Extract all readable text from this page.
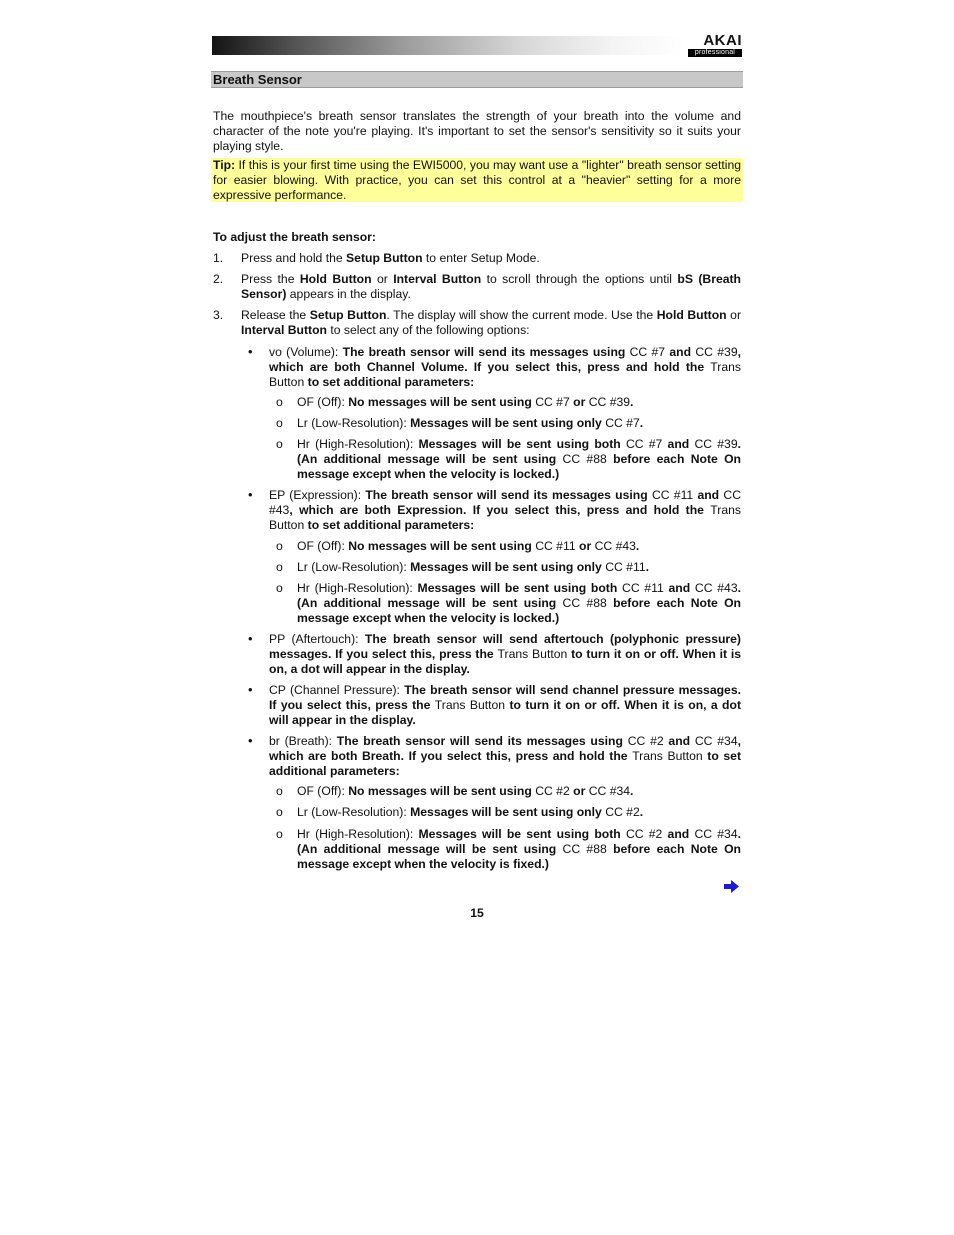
AKAI
professional
Breath Sensor
The mouthpiece's breath sensor translates the strength of your breath into the volume and character of the note you're playing. It's important to set the sensor's sensitivity so it suits your playing style.
Tip: If this is your first time using the EWI5000, you may want use a "lighter" breath sensor setting for easier blowing. With practice, you can set this control at a "heavier" setting for a more expressive performance.
To adjust the breath sensor:
1. Press and hold the Setup Button to enter Setup Mode.
2. Press the Hold Button or Interval Button to scroll through the options until bS (Breath Sensor) appears in the display.
3. Release the Setup Button. The display will show the current mode. Use the Hold Button or Interval Button to select any of the following options:
• vo (Volume): The breath sensor will send its messages using CC #7 and CC #39, which are both Channel Volume. If you select this, press and hold the Trans Button to set additional parameters:
o OF (Off): No messages will be sent using CC #7 or CC #39.
o Lr (Low-Resolution): Messages will be sent using only CC #7.
o Hr (High-Resolution): Messages will be sent using both CC #7 and CC #39. (An additional message will be sent using CC #88 before each Note On message except when the velocity is locked.)
• EP (Expression): The breath sensor will send its messages using CC #11 and CC #43, which are both Expression. If you select this, press and hold the Trans Button to set additional parameters:
o OF (Off): No messages will be sent using CC #11 or CC #43.
o Lr (Low-Resolution): Messages will be sent using only CC #11.
o Hr (High-Resolution): Messages will be sent using both CC #11 and CC #43. (An additional message will be sent using CC #88 before each Note On message except when the velocity is locked.)
• PP (Aftertouch): The breath sensor will send aftertouch (polyphonic pressure) messages. If you select this, press the Trans Button to turn it on or off. When it is on, a dot will appear in the display.
• CP (Channel Pressure): The breath sensor will send channel pressure messages. If you select this, press the Trans Button to turn it on or off. When it is on, a dot will appear in the display.
• br (Breath): The breath sensor will send its messages using CC #2 and CC #34, which are both Breath. If you select this, press and hold the Trans Button to set additional parameters:
o OF (Off): No messages will be sent using CC #2 or CC #34.
o Lr (Low-Resolution): Messages will be sent using only CC #2.
o Hr (High-Resolution): Messages will be sent using both CC #2 and CC #34. (An additional message will be sent using CC #88 before each Note On message except when the velocity is fixed.)
15
